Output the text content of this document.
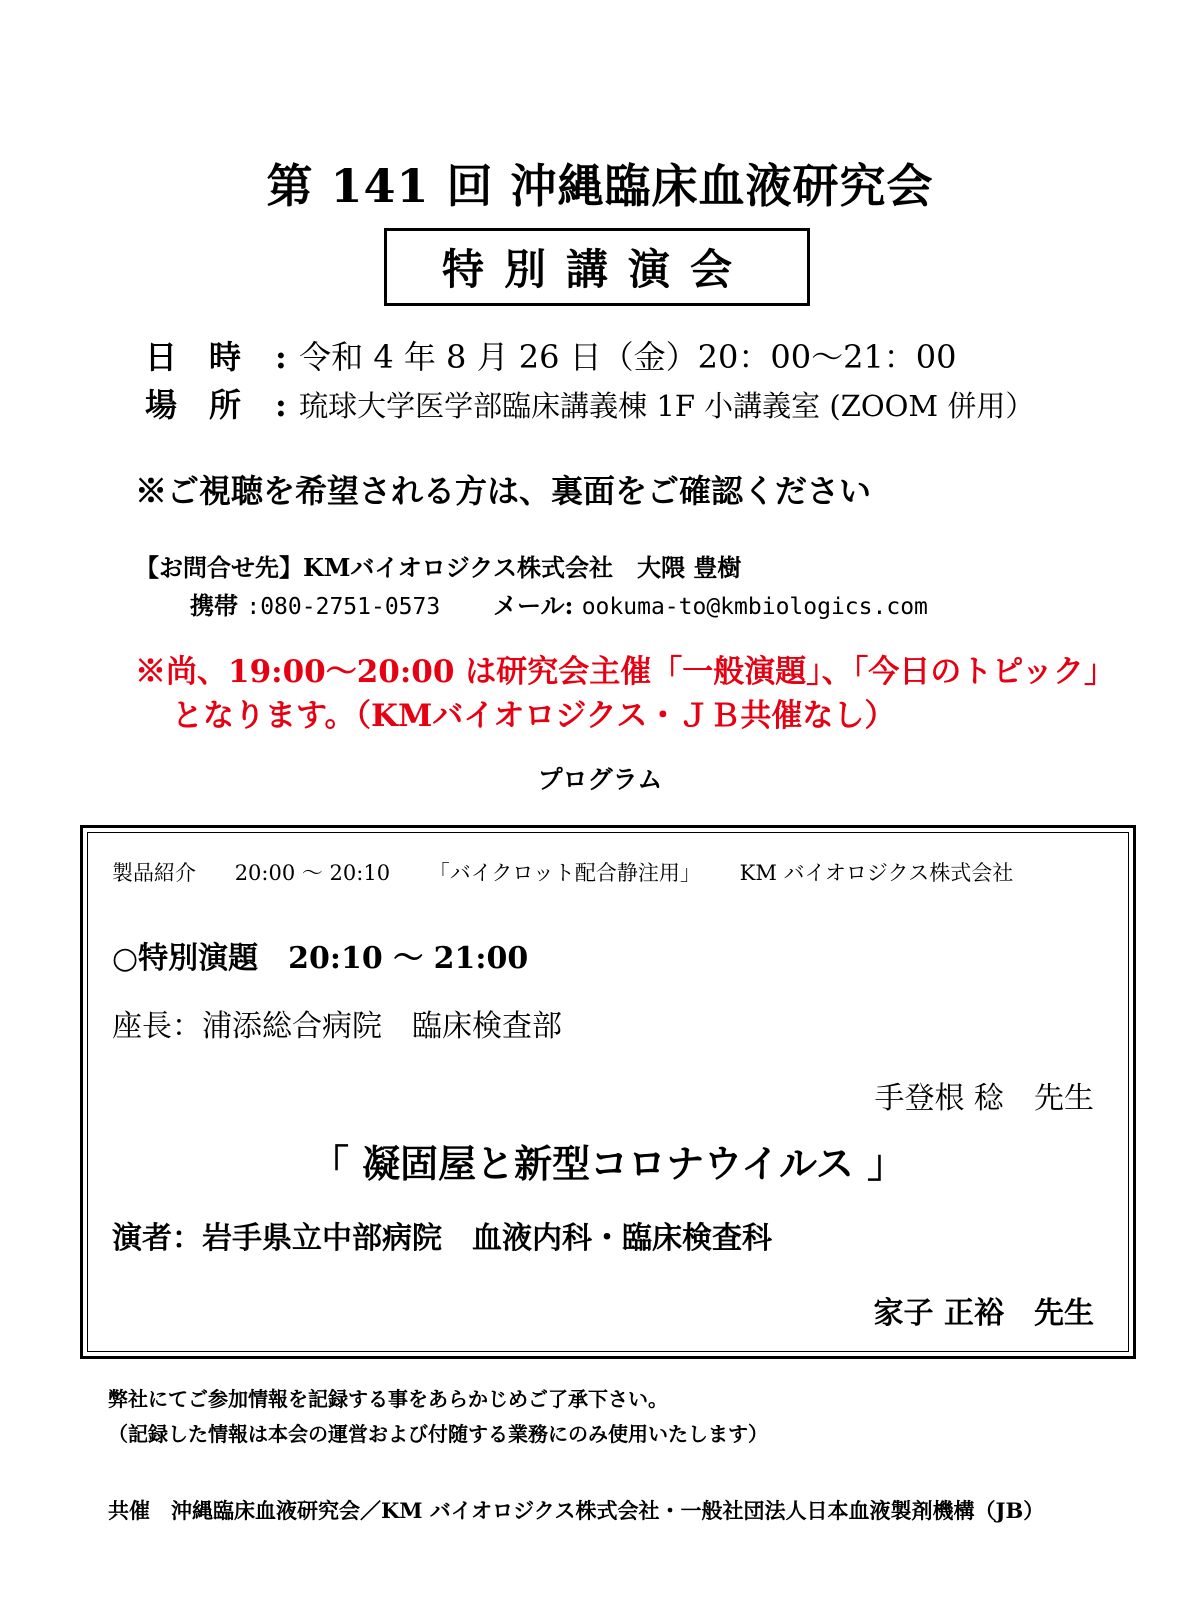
第 141 回 沖縄臨床血液研究会
特別講演会
日　時 : 令和 4 年 8 月 26 日（金）20：00〜21：00
場　所 : 琉球大学医学部臨床講義棟 1F 小講義室 (ZOOM 併用）
※ご視聴を希望される方は、裏面をご確認ください
【お問合せ先】KMバイオロジクス株式会社　大隈 豊樹
携帯 :080-2751-0573 メール: ookuma-to@kmbiologics.com
※尚、19:00〜20:00 は研究会主催「一般演題」、「今日のトピック」
となります。（KMバイオロジクス・ＪＢ共催なし）
プログラム
製品紹介 20:00 〜 20:10 「バイクロット配合静注用」 KM バイオロジクス株式会社
○特別演題　20:10 〜 21:00
座長：浦添総合病院　臨床検査部
手登根 稔　先生
「 凝固屋と新型コロナウイルス 」
演者：岩手県立中部病院　血液内科・臨床検査科
家子 正裕　先生
弊社にてご参加情報を記録する事をあらかじめご了承下さい。
（記録した情報は本会の運営および付随する業務にのみ使用いたします）
共催　沖縄臨床血液研究会／KM バイオロジクス株式会社・一般社団法人日本血液製剤機構（JB）
